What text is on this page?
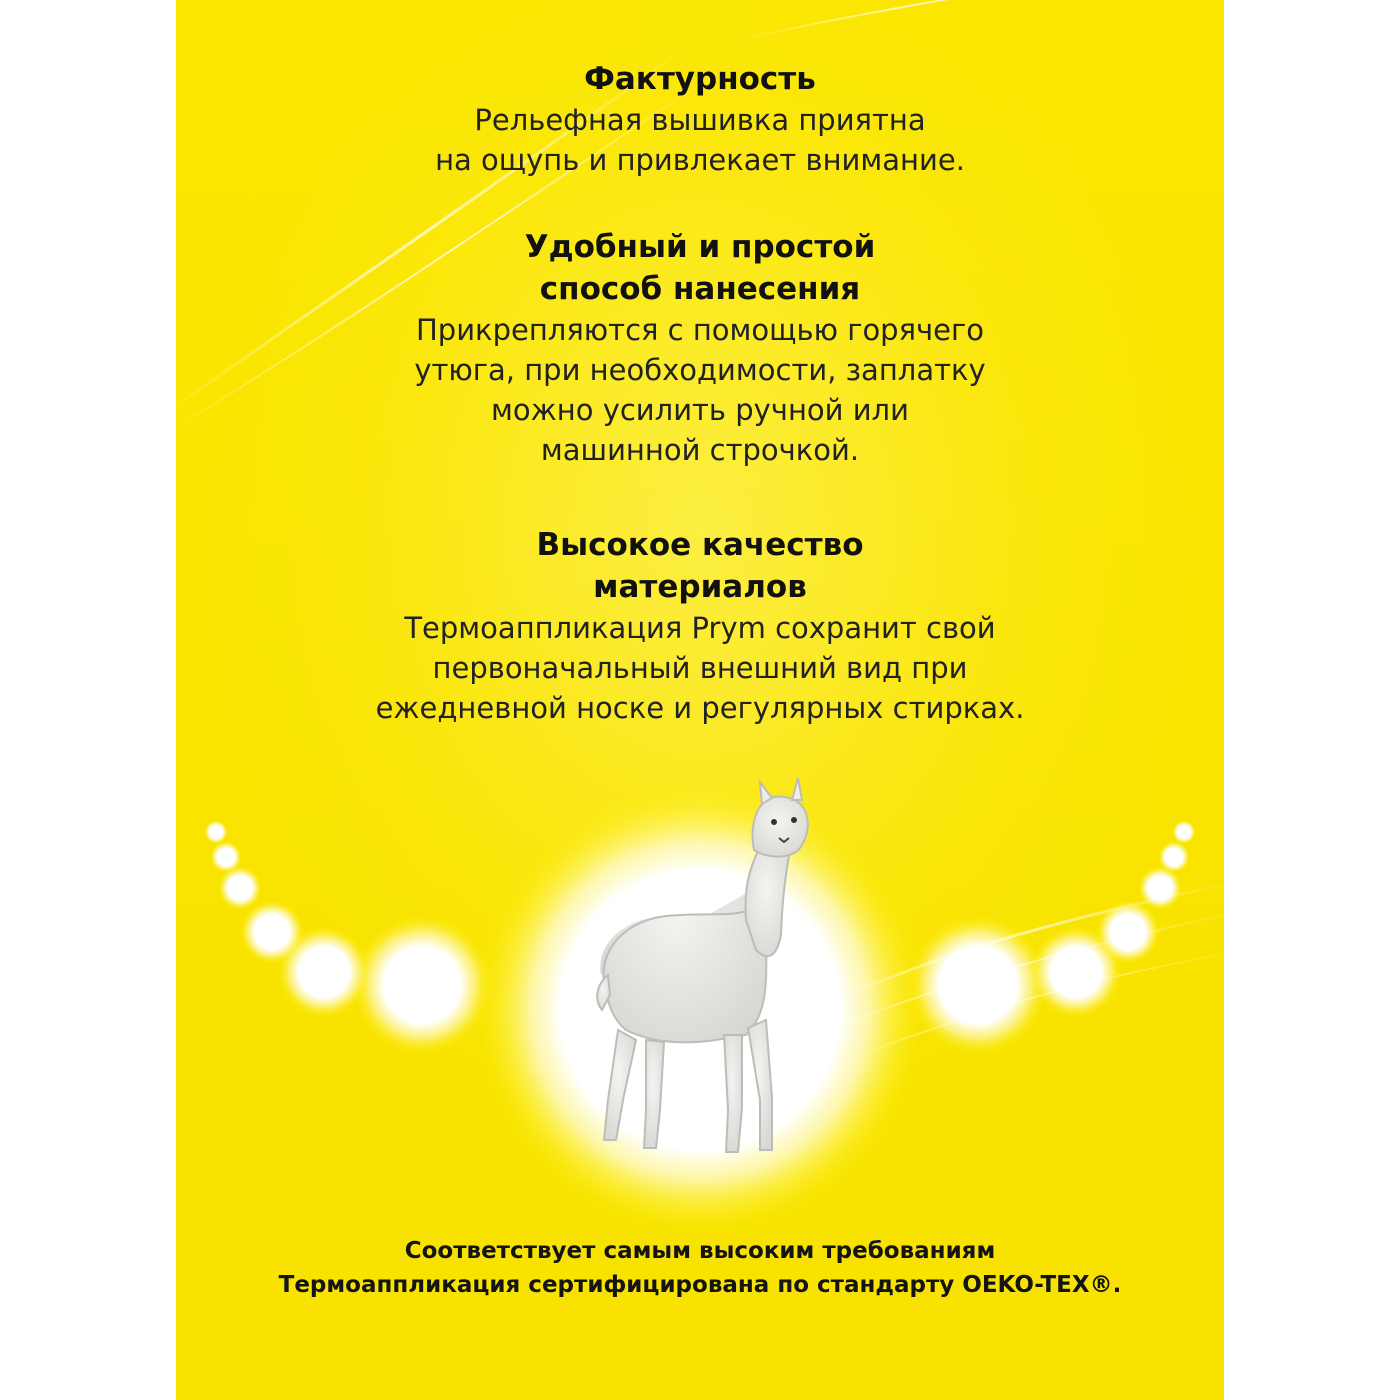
Фактурность
Рельефная вышивка приятна
на ощупь и привлекает внимание.
Удобный и простой
способ нанесения
Прикрепляются с помощью горячего
утюга, при необходимости, заплатку
можно усилить ручной или
машинной строчкой.
Высокое качество
материалов
Термоаппликация Prym сохранит свой
первоначальный внешний вид при
ежедневной носке и регулярных стирках.
Соответствует самым высоким требованиям
Термоаппликация сертифицирована по стандарту OEKO-TEX®.
